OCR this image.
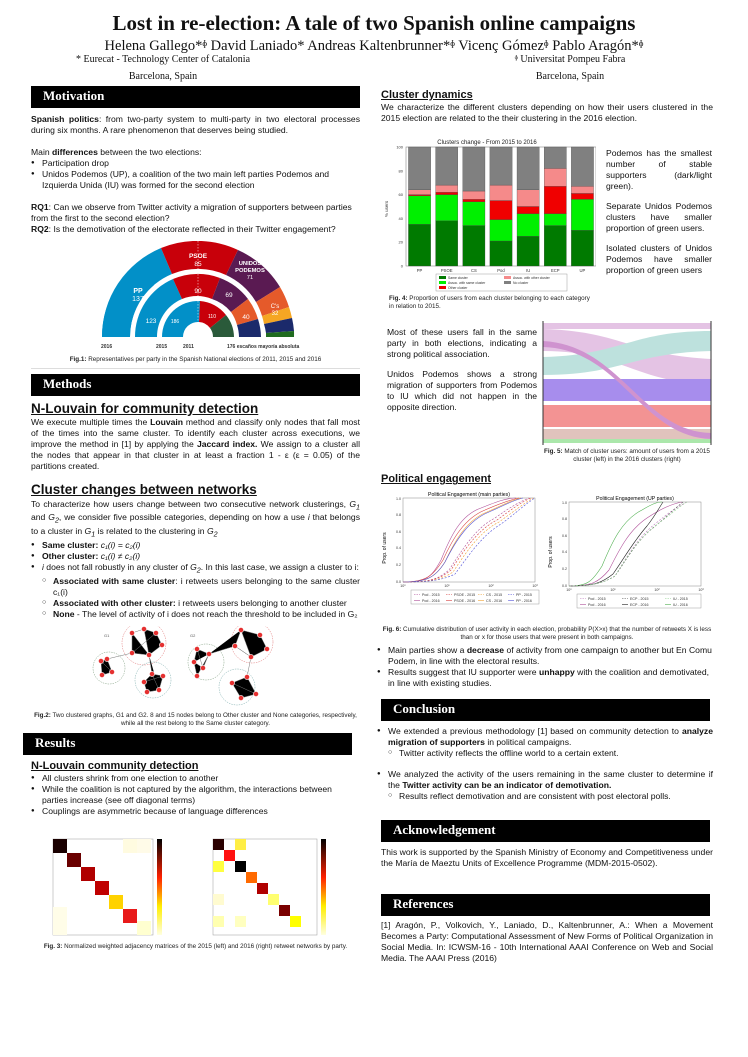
Lost in re-election: A tale of two Spanish online campaigns
Helena Gallego*ᶲ David Laniado* Andreas Kaltenbrunner*ᶲ Vicenç Gómezᶲ Pablo Aragón*ᶲ
* Eurecat - Technology Center of Catalonia
Barcelona, Spain
ᶲ Universitat Pompeu Fabra
Barcelona, Spain
Motivation

Spanish politics: from two-party system to multi-party in two electoral processes during six months. A rare phenomenon that deserves being studied.

Main differences between the two elections:

● Participation drop
● Unidos Podemos (UP), a coalition of the two main left parties Podemos and Izquierda Unida (IU) was formed for the second election

RQ1: Can we observe from Twitter activity a migration of supporters between parties from the first to the second election?

RQ2: Is the demotivation of the electorate reflected in their Twitter engagement?

PP
137
PSOE
85	UNIDOS
PODEMOS
71
C's
32
123
90
69
40
186
110
2016	2015	2011	176 escaños mayoría absoluta
Fig.1: Representatives per party in the Spanish National elections of 2011, 2015 and 2016
Methods
N-Louvain for community detection

We execute multiple times the Louvain method and classify only nodes that fall most of the times into the same cluster. To identify each cluster across executions, we improve the method in [1] by applying the Jaccard index. We assign to a cluster all the nodes that appear in that cluster in at least a fraction 1 - ε (ε = 0.05) of the partitions created.

Cluster changes between networks

To characterize how users change between two consecutive network clusterings, $G_1$ and $G_2$, we consider five possible categories, depending on how a use i that belongs to a cluster in $G_1$ is related to the clustering in $G_2$

● Same cluster: c₁(i) = c₂(i)
● Other cluster: c₁(i) ≠ c₂(i)
● i does not fall robustly in any cluster of $G_2$. In this last case, we assign a cluster to i:
○ Associated with same cluster: i retweets users belonging to the same cluster c₁(i)
○ Associated with other cluster: i retweets users belonging to another cluster
○ None - The level of activity of i does not reach the threshold to be included in G₂
G1	G2
Fig.2: Two clustered graphs, G1 and G2. 8 and 15 nodes belong to Other cluster and None categories, respectively, while all the rest belong to the Same cluster category.
Results
N-Louvain community detection
● All clusters shrink from one election to another
● While the coalition is not captured by the algorithm, the interactions between parties increase (see off diagonal terms)
● Couplings are asymmetric because of language differences
Fig. 3: Normalized weighted adjacency matrices of the 2015 (left) and 2016 (right) retweet networks by party.
Cluster dynamics

We characterize the different clusters depending on how their users clustered in the 2015 election are related to the their clustering in the 2016 election.

Clusters change - From 2015 to 2016
% users
0
20
40
60
80
100
PP	PSOE	CS	Pod	IU	ECP	UP
Same cluster
Assoc. with same cluster
Other cluster
Assoc. with other cluster
No cluster
Fig. 4: Proportion of users from each cluster belonging to each category in relation to 2015.

Podemos has the smallest number of stable supporters (dark/light green).

Separate Unidos Podemos clusters have smaller proportion of green users.

Isolated clusters of Unidos Podemos have smaller proportion of green users

Most of these users fall in the same party in both elections, indicating a strong political association.

Unidos Podemos shows a strong migration of supporters from Podemos to IU which did not happen in the opposite direction.

Fig. 5: Match of cluster users: amount of users from a 2015 cluster (left) in the 2016 clusters (right)
Political engagement
Political Engagement (main parties)
Prop. of users
0.0
0.2
0.4
0.6
0.8
1.0
10⁰	10¹	10²	10³
Pod - 2015	PSOE - 2015	CS - 2015	PP - 2015
Pod - 2016	PSOE - 2016	CS - 2016	PP - 2016
Political Engagement (UP parties)
Prop. of users
0.0
0.2
0.4
0.6
0.8
1.0
10⁰	10¹	10²	10³
Pod - 2015	ECP - 2015	IU - 2015
Pod - 2016	ECP - 2016	IU - 2016
Fig. 6: Cumulative distribution of user activity in each election, probability P(X>x) that the number of retweets X is less than or x for those users that were present in both campaigns.
● Main parties show a decrease of activity from one campaign to another but En Comu Podem, in line with the electoral results.
● Results suggest that IU supporter were unhappy with the coalition and demotivated, in line with existing studies.
Conclusion
● We extended a previous methodology [1] based on community detection to analyze migration of supporters in political campaigns.
○ Twitter activity reflects the offline world to a certain extent.
● We analyzed the activity of the users remaining in the same cluster to determine if the Twitter activity can be an indicator of demotivation.
○ Results reflect demotivation and are consistent with post electoral polls.
Acknowledgement

This work is supported by the Spanish Ministry of Economy and Competitiveness under the María de Maeztu Units of Excellence Programme (MDM-2015-0502).

References

[1] Aragón, P., Volkovich, Y., Laniado, D., Kaltenbrunner, A.: When a Movement Becomes a Party: Computational Assessment of New Forms of Political Organization in Social Media. In: ICWSM-16 - 10th International AAAI Conference on Web and Social Media. The AAAI Press (2016)
